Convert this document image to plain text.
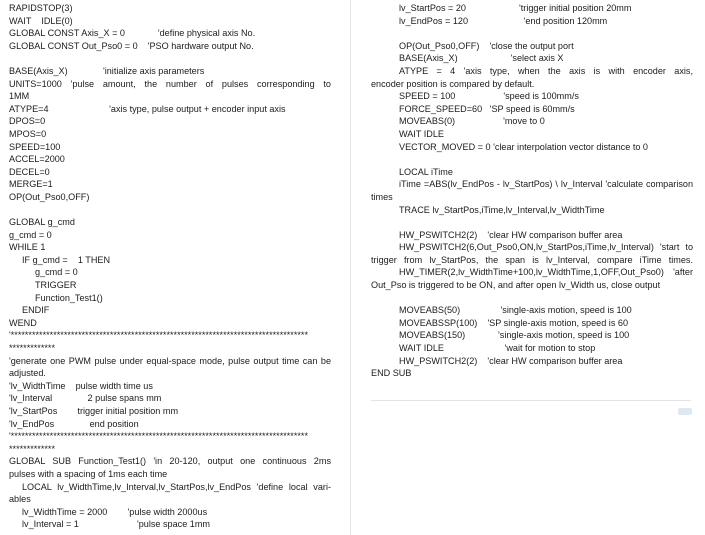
RAPIDSTOP(3)
WAIT    IDLE(0)
GLOBAL CONST Axis_X = 0             'define physical axis No.
GLOBAL CONST Out_Pso0 = 0    'PSO hardware output No.
BASE(Axis_X)              'initialize axis parameters
UNITS=1000 'pulse amount, the number of pulses corresponding to
1MM
ATYPE=4                        'axis type, pulse output + encoder input axis
DPOS=0
MPOS=0
SPEED=100
ACCEL=2000
DECEL=0
MERGE=1
OP(Out_Pso0,OFF)
GLOBAL g_cmd
g_cmd = 0
WHILE 1
IF g_cmd =    1 THEN
g_cmd = 0
TRIGGER
Function_Test1()
ENDIF
WEND
'************************************************************************************
*************
'generate one PWM pulse under equal-space mode, pulse output time can be
adjusted.
'lv_WidthTime    pulse width time us
'lv_Interval              2 pulse spans mm
'lv_StartPos        trigger initial position mm
'lv_EndPos              end position
'************************************************************************************
*************
GLOBAL SUB Function_Test1() 'in 20-120, output one continuous 2ms
pulses with a spacing of 1ms each time
LOCAL lv_WidthTime,lv_Interval,lv_StartPos,lv_EndPos 'define local vari-
ables
lv_WidthTime = 2000        'pulse width 2000us
lv_Interval = 1                       'pulse space 1mm
lv_StartPos = 20                     'trigger initial position 20mm
lv_EndPos = 120                      'end position 120mm
OP(Out_Pso0,OFF)    'close the output port
BASE(Axis_X)                     'select axis X
ATYPE = 4 'axis type, when the axis is with encoder axis,
encoder position is compared by default.
SPEED = 100                   'speed is 100mm/s
FORCE_SPEED=60   'SP speed is 60mm/s
MOVEABS(0)                   'move to 0
WAIT IDLE
VECTOR_MOVED = 0 'clear interpolation vector distance to 0
LOCAL iTime
iTime =ABS(lv_EndPos - lv_StartPos) \ lv_Interval 'calculate comparison
times
TRACE lv_StartPos,iTime,lv_Interval,lv_WidthTime
HW_PSWITCH2(2)    'clear HW comparison buffer area
HW_PSWITCH2(6,Out_Pso0,ON,lv_StartPos,iTime,lv_Interval) 'start to
trigger from lv_StartPos, the span is lv_Interval, compare iTime times.
HW_TIMER(2,lv_WidthTime+100,lv_WidthTime,1,OFF,Out_Pso0) 'after
Out_Pso is triggered to be ON, and after open lv_Width us, close output
MOVEABS(50)                'single-axis motion, speed is 100
MOVEABSSP(100)    'SP single-axis motion, speed is 60
MOVEABS(150)             'single-axis motion, speed is 100
WAIT IDLE                        'wait for motion to stop
HW_PSWITCH2(2)    'clear HW comparison buffer area
END SUB
